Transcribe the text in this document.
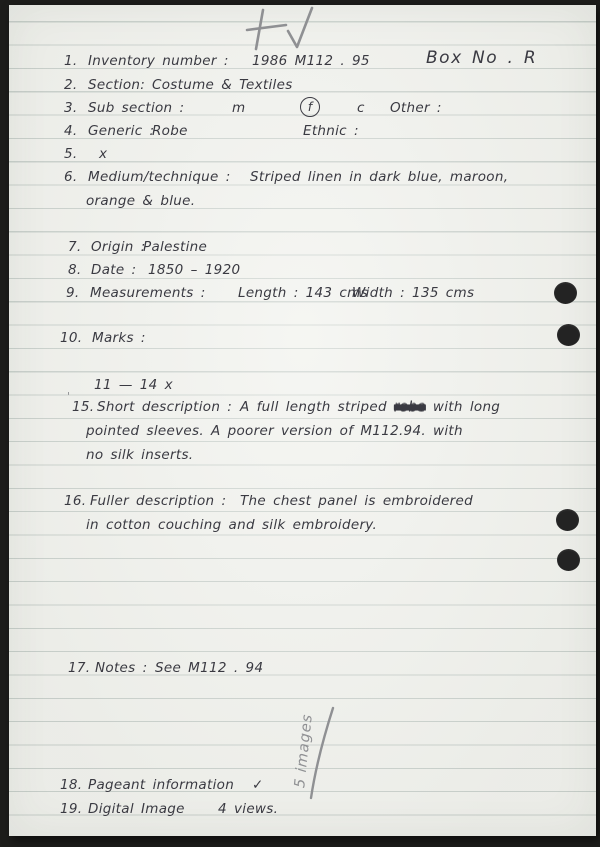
1. Inventory number : 1986 M112 . 95	Box No . R
2. Section: Costume & Textiles
3. Sub section :	m	f	c Other :
4. Generic :
Robe	Ethnic :
5. x
6. Medium/technique : Striped linen in dark blue, maroon,
orange & blue.
7. Origin :
Palestine
8. Date : 1850 – 1920
9. Measurements : Length : 143 cms
Width : 135 cms
10. Marks :
11 — 14 x
'
15. Short description : A full length striped robe with long
pointed sleeves. A poorer version of M112.94. with
no silk inserts.
16. Fuller description : The chest panel is embroidered
in cotton couching and silk embroidery.
17. Notes : See M112 . 94
5 images
18. Pageant information ✓
19. Digital Image 4 views.
